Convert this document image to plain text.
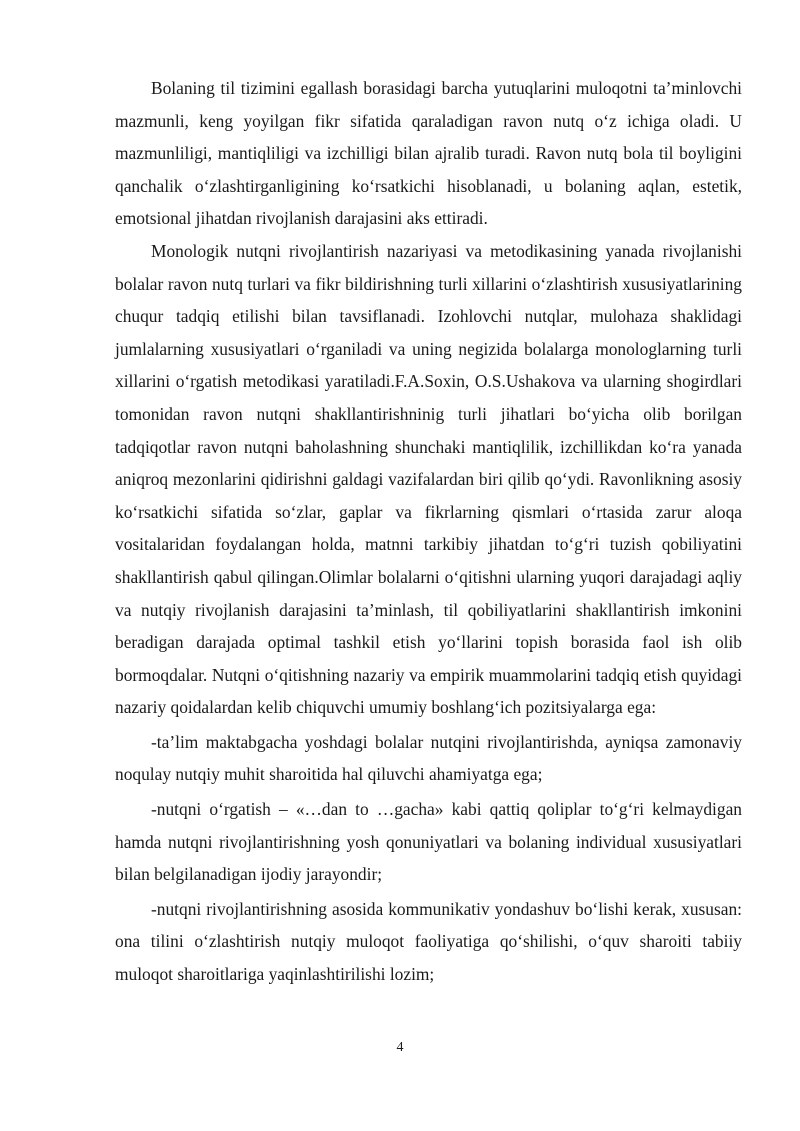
Bolaning til tizimini egallash borasidagi barcha yutuqlarini muloqotni ta’minlovchi mazmunli, keng yoyilgan fikr sifatida qaraladigan ravon nutq o‘z ichiga oladi. U mazmunliligi, mantiqliligi va izchilligi bilan ajralib turadi. Ravon nutq bola til boyligini qanchalik o‘zlashtirganligining ko‘rsatkichi hisoblanadi, u bolaning aqlan, estetik, emotsional jihatdan rivojlanish darajasini aks ettiradi.

Monologik nutqni rivojlantirish nazariyasi va metodikasining yanada rivojlanishi bolalar ravon nutq turlari va fikr bildirishning turli xillarini o‘zlashtirish xususiyatlarining chuqur tadqiq etilishi bilan tavsiflanadi. Izohlovchi nutqlar, mulohaza shaklidagi jumlalarning xususiyatlari o‘rganiladi va uning negizida bolalarga monologlarning turli xillarini o‘rgatish metodikasi yaratiladi.F.A.Soxin, O.S.Ushakova va ularning shogirdlari tomonidan ravon nutqni shakllantirishninig turli jihatlari bo‘yicha olib borilgan tadqiqotlar ravon nutqni baholashning shunchaki mantiqlilik, izchillikdan ko‘ra yanada aniqroq mezonlarini qidirishni galdagi vazifalardan biri qilib qo‘ydi. Ravonlikning asosiy ko‘rsatkichi sifatida so‘zlar, gaplar va fikrlarning qismlari o‘rtasida zarur aloqa vositalaridan foydalangan holda, matnni tarkibiy jihatdan to‘g‘ri tuzish qobiliyatini shakllantirish qabul qilingan.Olimlar bolalarni o‘qitishni ularning yuqori darajadagi aqliy va nutqiy rivojlanish darajasini ta’minlash, til qobiliyatlarini shakllantirish imkonini beradigan darajada optimal tashkil etish yo‘llarini topish borasida faol ish olib bormoqdalar. Nutqni o‘qitishning nazariy va empirik muammolarini tadqiq etish quyidagi nazariy qoidalardan kelib chiquvchi umumiy boshlang‘ich pozitsiyalarga ega:

-ta’lim maktabgacha yoshdagi bolalar nutqini rivojlantirishda, ayniqsa zamonaviy noqulay nutqiy muhit sharoitida hal qiluvchi ahamiyatga ega;

-nutqni o‘rgatish – «…dan to …gacha» kabi qattiq qoliplar to‘g‘ri kelmaydigan hamda nutqni rivojlantirishning yosh qonuniyatlari va bolaning individual xususiyatlari bilan belgilanadigan ijodiy jarayondir;

-nutqni rivojlantirishning asosida kommunikativ yondashuv bo‘lishi kerak, xususan: ona tilini o‘zlashtirish nutqiy muloqot faoliyatiga qo‘shilishi, o‘quv sharoiti tabiiy muloqot sharoitlariga yaqinlashtirilishi lozim;

4
